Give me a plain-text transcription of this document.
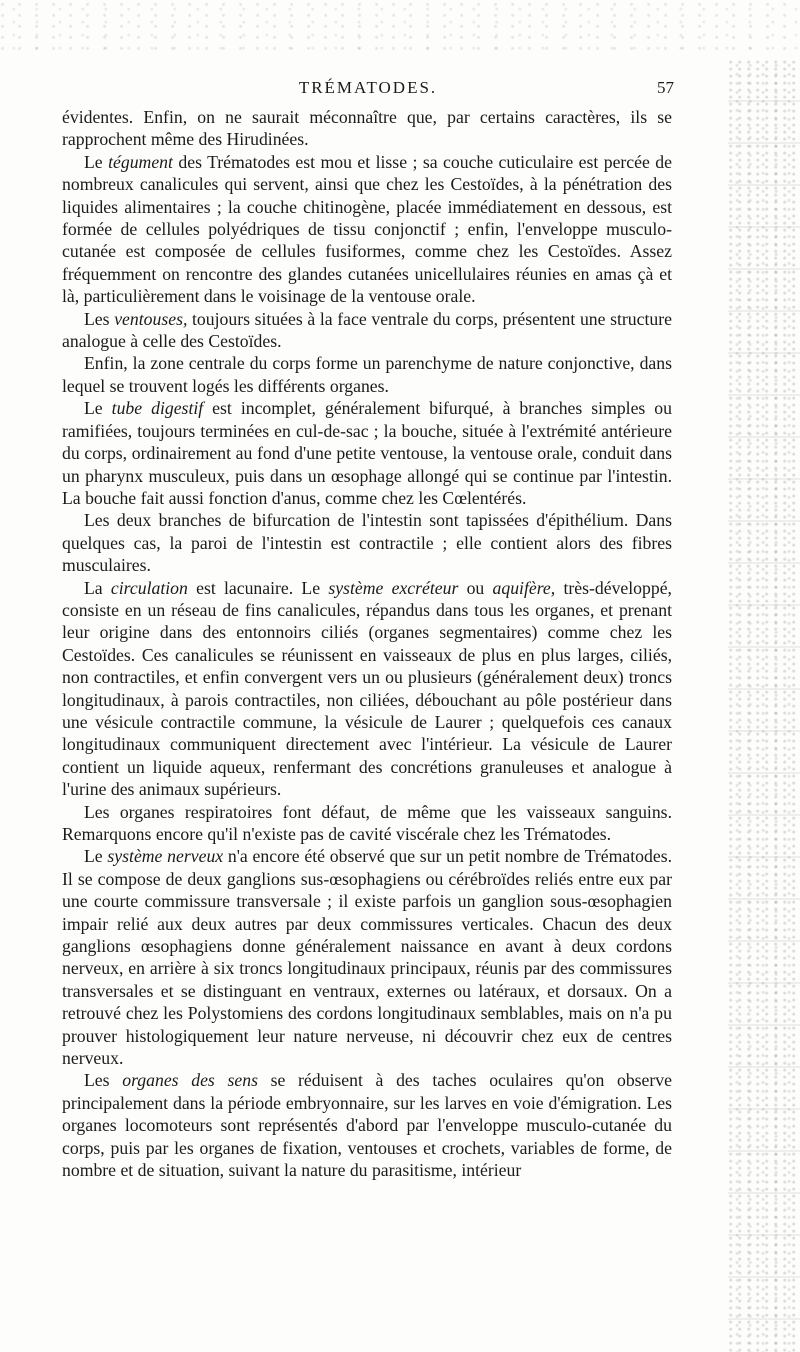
TRÉMATODES.	57

évidentes. Enfin, on ne saurait méconnaître que, par certains caractères, ils se rapprochent même des Hirudinées.

Le tégument des Trématodes est mou et lisse ; sa couche cuticulaire est percée de nombreux canalicules qui servent, ainsi que chez les Cestoïdes, à la pénétration des liquides alimentaires ; la couche chitinogène, placée immédiatement en dessous, est formée de cellules polyédriques de tissu conjonctif ; enfin, l'enveloppe musculo-cutanée est composée de cellules fusiformes, comme chez les Cestoïdes. Assez fréquemment on rencontre des glandes cutanées unicellulaires réunies en amas çà et là, particulièrement dans le voisinage de la ventouse orale.

Les ventouses, toujours situées à la face ventrale du corps, présentent une structure analogue à celle des Cestoïdes.

Enfin, la zone centrale du corps forme un parenchyme de nature conjonctive, dans lequel se trouvent logés les différents organes.

Le tube digestif est incomplet, généralement bifurqué, à branches simples ou ramifiées, toujours terminées en cul-de-sac ; la bouche, située à l'extrémité antérieure du corps, ordinairement au fond d'une petite ventouse, la ventouse orale, conduit dans un pharynx musculeux, puis dans un œsophage allongé qui se continue par l'intestin. La bouche fait aussi fonction d'anus, comme chez les Cœlentérés.

Les deux branches de bifurcation de l'intestin sont tapissées d'épithélium. Dans quelques cas, la paroi de l'intestin est contractile ; elle contient alors des fibres musculaires.

La circulation est lacunaire. Le système excréteur ou aquifère, très-développé, consiste en un réseau de fins canalicules, répandus dans tous les organes, et prenant leur origine dans des entonnoirs ciliés (organes segmentaires) comme chez les Cestoïdes. Ces canalicules se réunissent en vaisseaux de plus en plus larges, ciliés, non contractiles, et enfin convergent vers un ou plusieurs (généralement deux) troncs longitudinaux, à parois contractiles, non ciliées, débouchant au pôle postérieur dans une vésicule contractile commune, la vésicule de Laurer ; quelquefois ces canaux longitudinaux communiquent directement avec l'intérieur. La vésicule de Laurer contient un liquide aqueux, renfermant des concrétions granuleuses et analogue à l'urine des animaux supérieurs.

Les organes respiratoires font défaut, de même que les vaisseaux sanguins. Remarquons encore qu'il n'existe pas de cavité viscérale chez les Trématodes.

Le système nerveux n'a encore été observé que sur un petit nombre de Trématodes. Il se compose de deux ganglions sus-œsophagiens ou cérébroïdes reliés entre eux par une courte commissure transversale ; il existe parfois un ganglion sous-œsophagien impair relié aux deux autres par deux commissures verticales. Chacun des deux ganglions œsophagiens donne généralement naissance en avant à deux cordons nerveux, en arrière à six troncs longitudinaux principaux, réunis par des commissures transversales et se distinguant en ventraux, externes ou latéraux, et dorsaux. On a retrouvé chez les Polystomiens des cordons longitudinaux semblables, mais on n'a pu prouver histologiquement leur nature nerveuse, ni découvrir chez eux de centres nerveux.

Les organes des sens se réduisent à des taches oculaires qu'on observe principalement dans la période embryonnaire, sur les larves en voie d'émigration. Les organes locomoteurs sont représentés d'abord par l'enveloppe musculo-cutanée du corps, puis par les organes de fixation, ventouses et crochets, variables de forme, de nombre et de situation, suivant la nature du parasitisme, intérieur
